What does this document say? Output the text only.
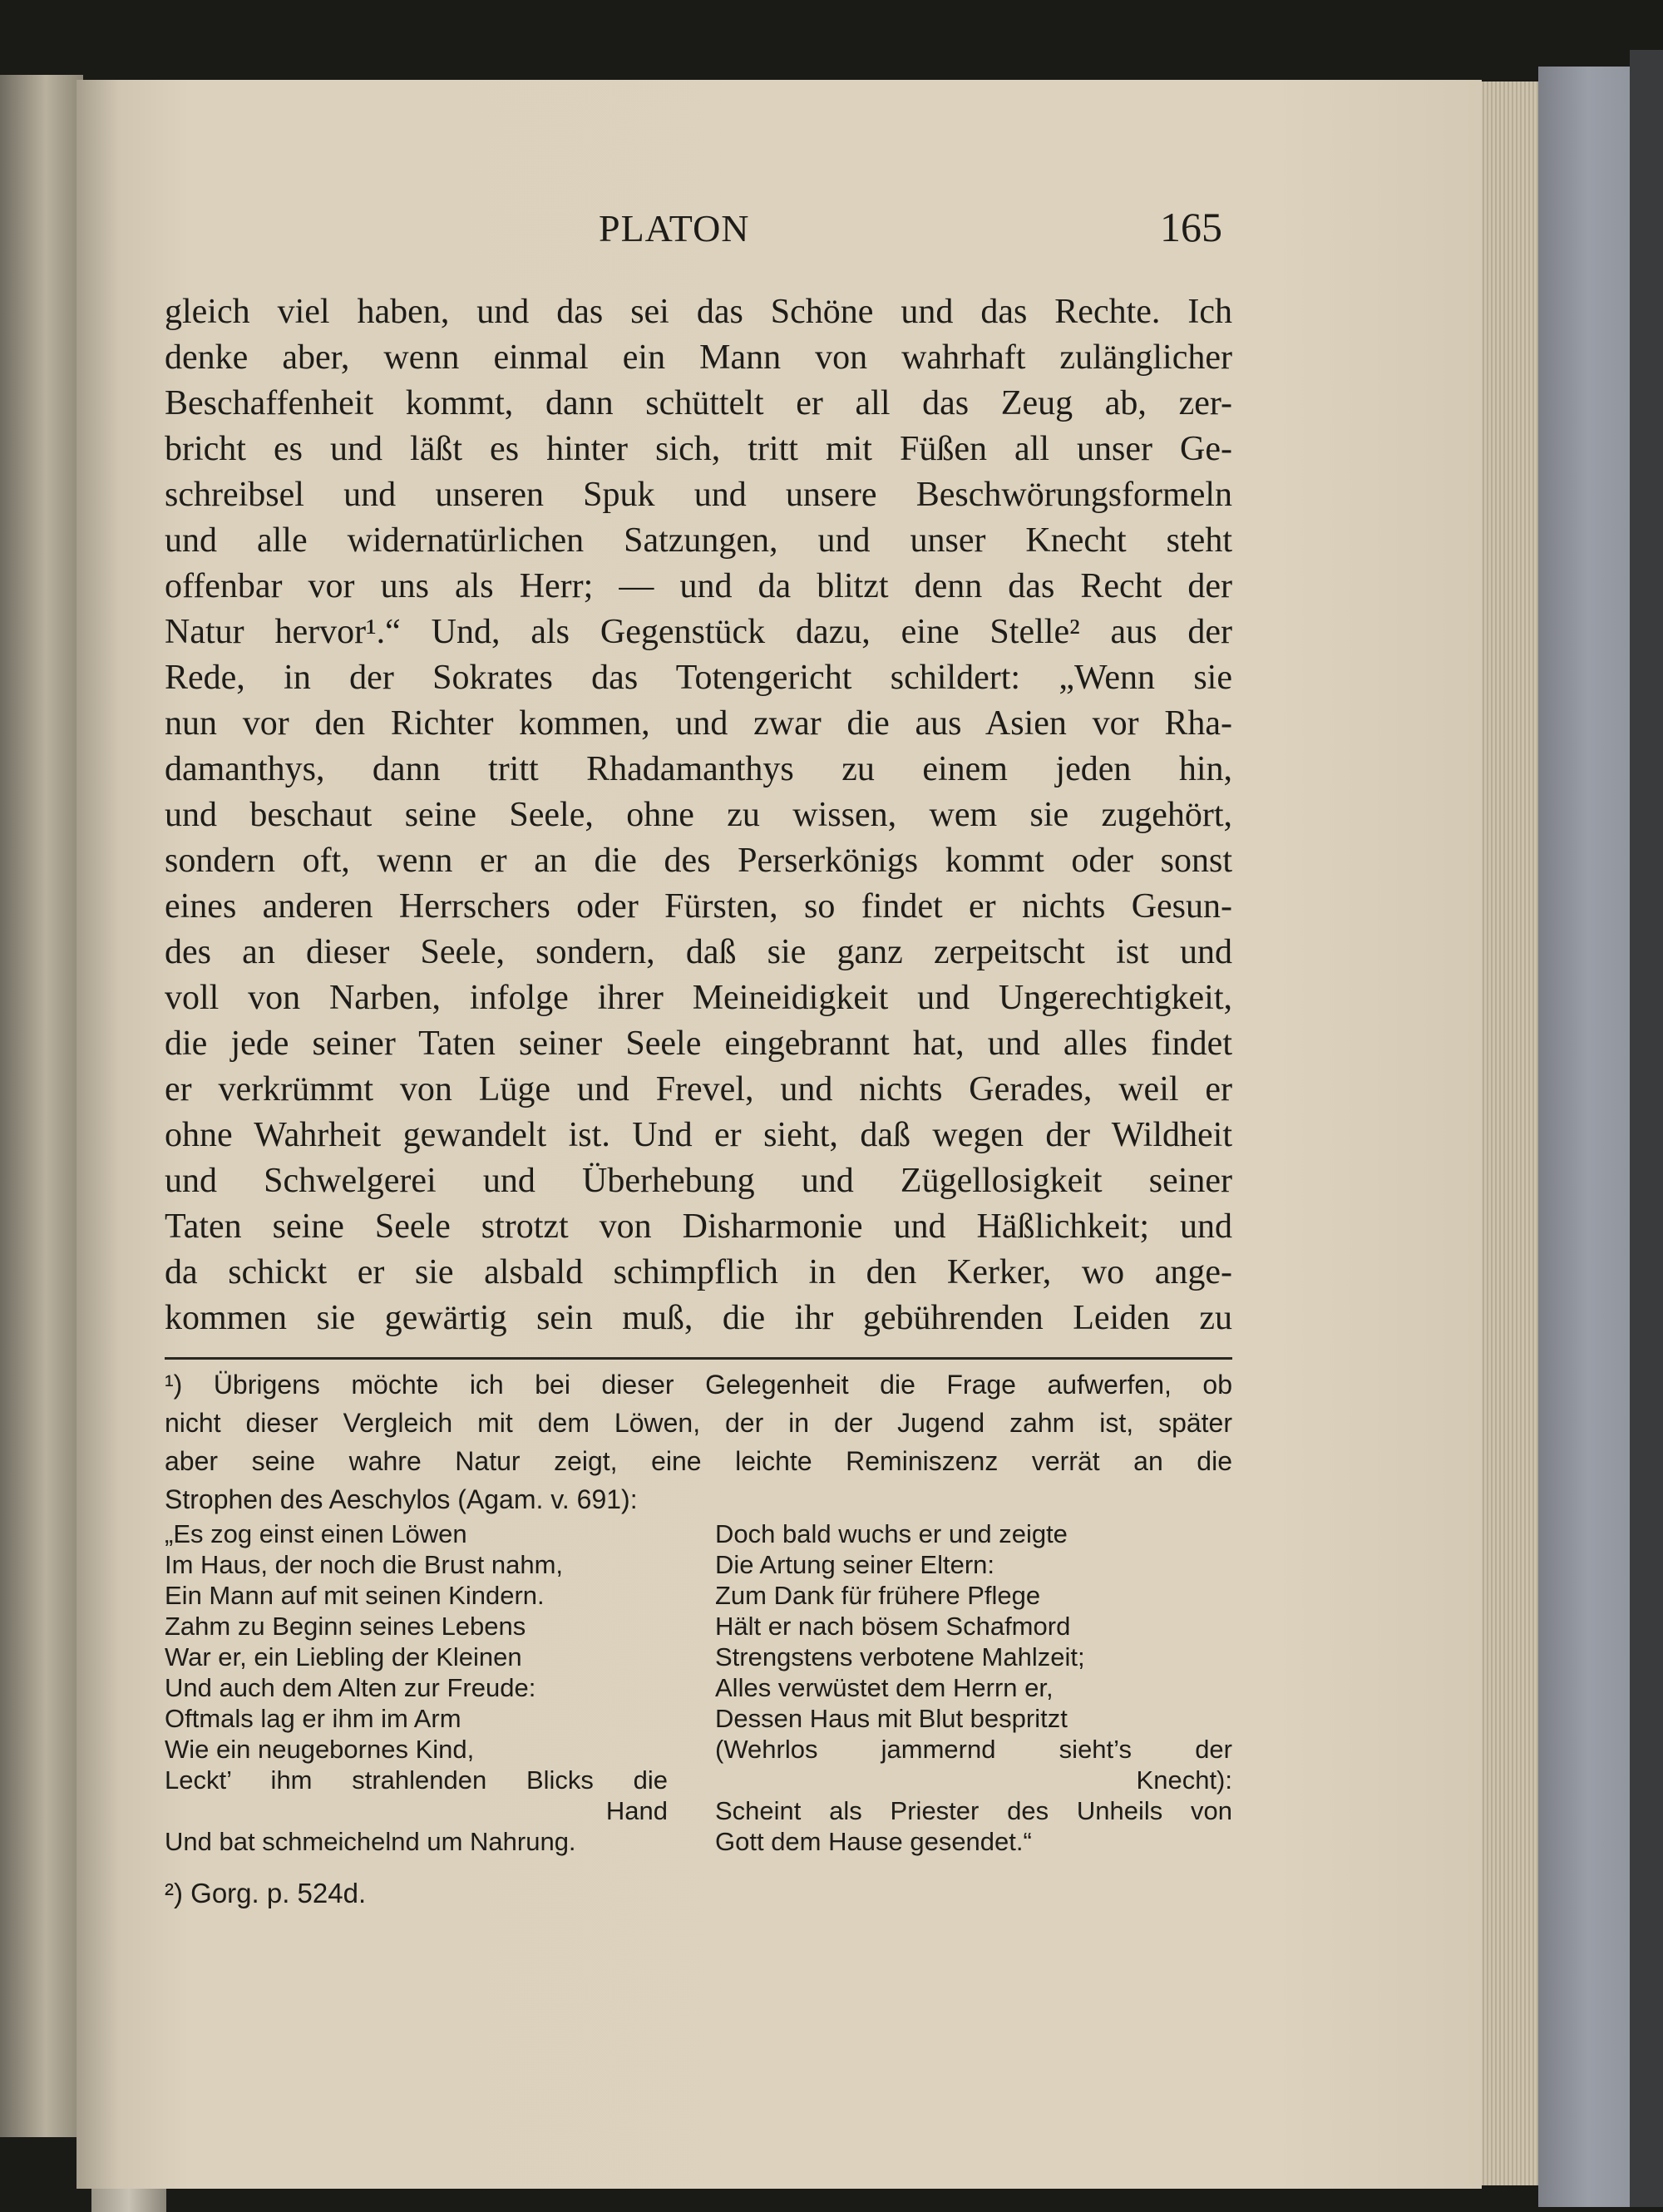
PLATON	165

gleich viel haben, und das sei das Schöne und das Rechte. Ich

denke aber, wenn einmal ein Mann von wahrhaft zulänglicher

Beschaffenheit kommt, dann schüttelt er all das Zeug ab, zer-

bricht es und läßt es hinter sich, tritt mit Füßen all unser Ge-

schreibsel und unseren Spuk und unsere Beschwörungsformeln

und alle widernatürlichen Satzungen, und unser Knecht steht

offenbar vor uns als Herr; — und da blitzt denn das Recht der

Natur hervor¹.“ Und, als Gegenstück dazu, eine Stelle² aus der

Rede, in der Sokrates das Totengericht schildert: „Wenn sie

nun vor den Richter kommen, und zwar die aus Asien vor Rha-

damanthys, dann tritt Rhadamanthys zu einem jeden hin,

und beschaut seine Seele, ohne zu wissen, wem sie zugehört,

sondern oft, wenn er an die des Perserkönigs kommt oder sonst

eines anderen Herrschers oder Fürsten, so findet er nichts Gesun-

des an dieser Seele, sondern, daß sie ganz zerpeitscht ist und

voll von Narben, infolge ihrer Meineidigkeit und Ungerechtigkeit,

die jede seiner Taten seiner Seele eingebrannt hat, und alles findet

er verkrümmt von Lüge und Frevel, und nichts Gerades, weil er

ohne Wahrheit gewandelt ist. Und er sieht, daß wegen der Wildheit

und Schwelgerei und Überhebung und Zügellosigkeit seiner

Taten seine Seele strotzt von Disharmonie und Häßlichkeit; und

da schickt er sie alsbald schimpflich in den Kerker, wo ange-

kommen sie gewärtig sein muß, die ihr gebührenden Leiden zu

¹) Übrigens möchte ich bei dieser Gelegenheit die Frage aufwerfen, ob

nicht dieser Vergleich mit dem Löwen, der in der Jugend zahm ist, später

aber seine wahre Natur zeigt, eine leichte Reminiszenz verrät an die

Strophen des Aeschylos (Agam. v. 691):

„Es zog einst einen Löwen

Im Haus, der noch die Brust nahm,

Ein Mann auf mit seinen Kindern.

Zahm zu Beginn seines Lebens

War er, ein Liebling der Kleinen

Und auch dem Alten zur Freude:

Oftmals lag er ihm im Arm

Wie ein neugebornes Kind,

Leckt’ ihm strahlenden Blicks die

Hand

Und bat schmeichelnd um Nahrung.

Doch bald wuchs er und zeigte

Die Artung seiner Eltern:

Zum Dank für frühere Pflege

Hält er nach bösem Schafmord

Strengstens verbotene Mahlzeit;

Alles verwüstet dem Herrn er,

Dessen Haus mit Blut bespritzt

(Wehrlos jammernd sieht’s der

Knecht):

Scheint als Priester des Unheils von

Gott dem Hause gesendet.“

²) Gorg. p. 524d.
